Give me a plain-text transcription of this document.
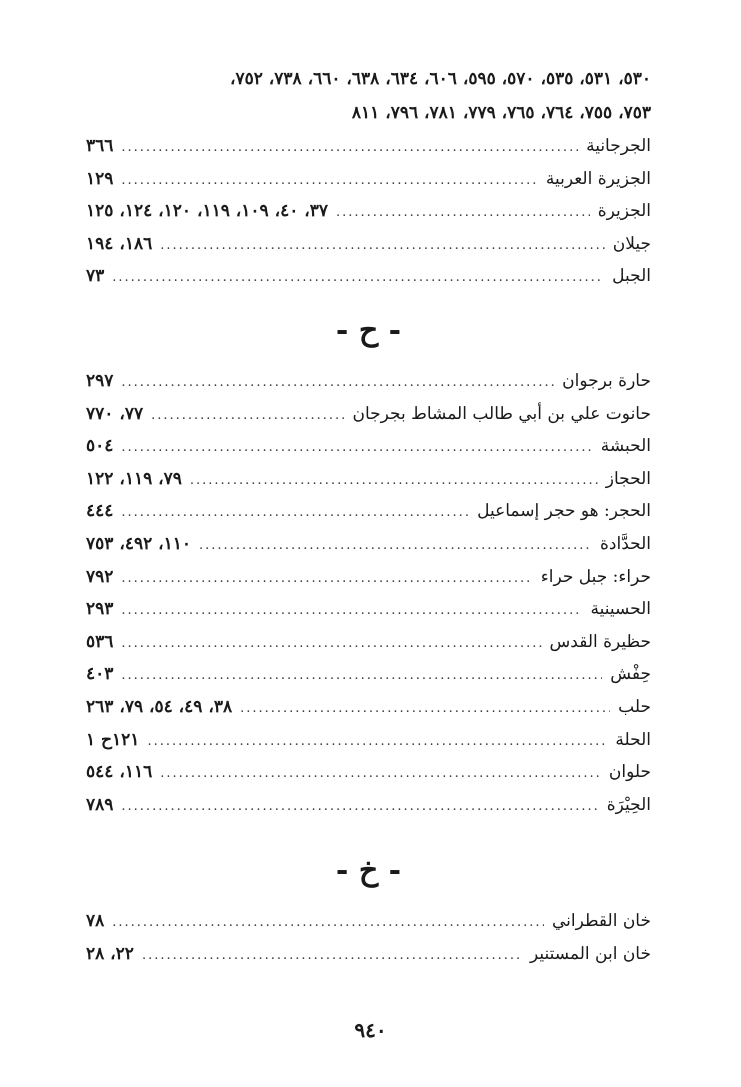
٥٣٠، ٥٣١، ٥٣٥، ٥٧٠، ٥٩٥، ٦٠٦، ٦٣٤، ٦٣٨، ٦٦٠، ٧٣٨، ٧٥٢،
٧٥٣، ٧٥٥، ٧٦٤، ٧٦٥، ٧٧٩، ٧٨١، ٧٩٦، ٨١١
الجرجانية
.....
٣٦٦
الجزيرة العربية
.....
١٢٩
الجزيرة
.....
٣٧، ٤٠، ١٠٩، ١١٩، ١٢٠، ١٢٤، ١٢٥
جيلان
.....
١٨٦، ١٩٤
الجبل
.....
٧٣
- ح -
حارة برجوان
.....
٢٩٧
حانوت علي بن أبي طالب المشاط بجرجان
.....
٧٧، ٧٧٠
الحبشة
.....
٥٠٤
الحجاز
.....
٧٩، ١١٩، ١٢٢
الحجر: هو حجر إسماعيل
.....
٤٤٤
الحدَّادة
.....
١١٠، ٤٩٢، ٧٥٣
حراء: جبل حراء
.....
٧٩٢
الحسينية
.....
٢٩٣
حظيرة القدس
.....
٥٣٦
حِفْش
.....
٤٠٣
حلب
.....
٣٨، ٤٩، ٥٤، ٧٩، ٢٦٣
الحلة
.....
١٢١ح ١
حلوان
.....
١١٦، ٥٤٤
الحِيْرَة
.....
٧٨٩
- خ -
خان القطراني
.....
٧٨
خان ابن المستنير
.....
٢٢، ٢٨
٩٤٠
